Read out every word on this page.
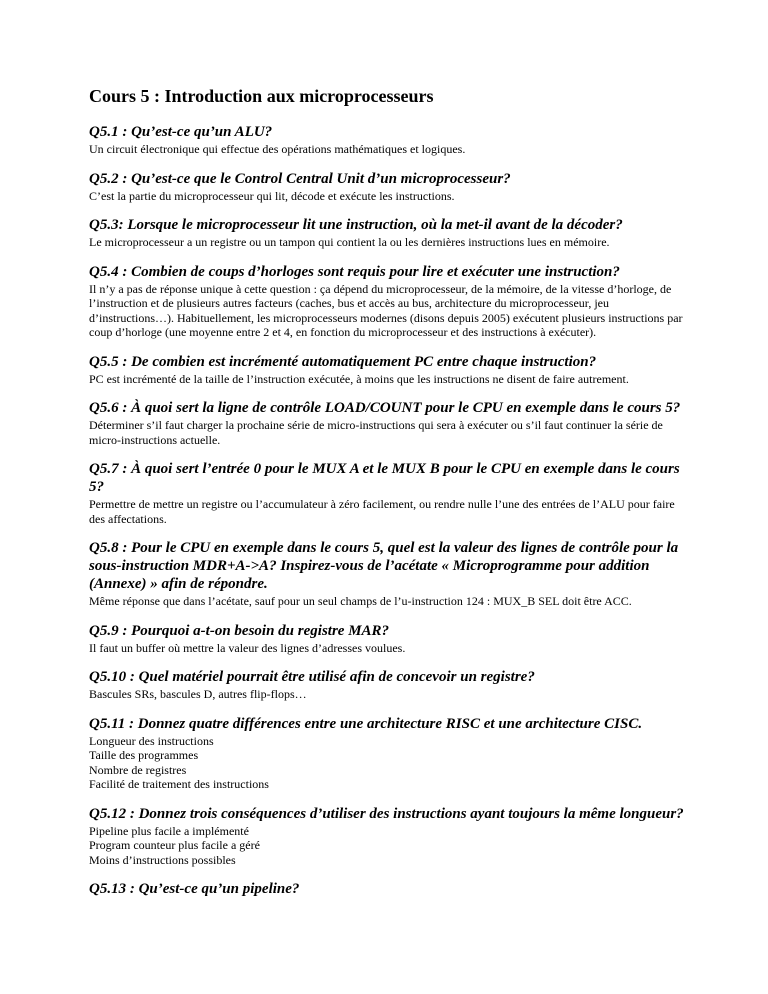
Cours 5 : Introduction aux microprocesseurs
Q5.1 : Qu’est-ce qu’un ALU?
Un circuit électronique qui effectue des opérations mathématiques et logiques.
Q5.2 : Qu’est-ce que le Control Central Unit d’un microprocesseur?
C’est la partie du microprocesseur qui lit, décode et exécute les instructions.
Q5.3: Lorsque le microprocesseur lit une instruction, où la met-il avant de la décoder?
Le microprocesseur a un registre ou un tampon qui contient la ou les dernières instructions lues en mémoire.
Q5.4 : Combien de coups d’horloges sont requis pour lire et exécuter une instruction?
Il n’y a pas de réponse unique à cette question : ça dépend du microprocesseur, de la mémoire, de la vitesse d’horloge, de l’instruction et de plusieurs autres facteurs (caches, bus et accès au bus, architecture du microprocesseur, jeu d’instructions…). Habituellement, les microprocesseurs modernes (disons depuis 2005) exécutent plusieurs instructions par coup d’horloge (une moyenne entre 2 et 4, en fonction du microprocesseur et des instructions à exécuter).
Q5.5 : De combien est incrémenté automatiquement PC entre chaque instruction?
PC est incrémenté de la taille de l’instruction exécutée, à moins que les instructions ne disent de faire autrement.
Q5.6 : À quoi sert la ligne de contrôle LOAD/COUNT pour le CPU en exemple dans le cours 5?
Déterminer s’il faut charger la prochaine série de micro-instructions qui sera à exécuter ou s’il faut continuer la série de micro-instructions actuelle.
Q5.7 : À quoi sert l’entrée 0 pour le MUX A et le MUX B pour le CPU en exemple dans le cours 5?
Permettre de mettre un registre ou l’accumulateur à zéro facilement, ou rendre nulle l’une des entrées de l’ALU pour faire des affectations.
Q5.8 : Pour le CPU en exemple dans le cours 5, quel est la valeur des lignes de contrôle pour la sous-instruction MDR+A->A? Inspirez-vous de l’acétate « Microprogramme pour addition (Annexe) » afin de répondre.
Même réponse que dans l’acétate, sauf pour un seul champs de l’u-instruction 124 : MUX_B SEL doit être ACC.
Q5.9 : Pourquoi a-t-on besoin du registre MAR?
Il faut un buffer où mettre la valeur des lignes d’adresses voulues.
Q5.10 : Quel matériel pourrait être utilisé afin de concevoir un registre?
Bascules SRs, bascules D, autres flip-flops…
Q5.11 : Donnez quatre différences entre une architecture RISC et une architecture CISC.
Longueur des instructions
Taille des programmes
Nombre de registres
Facilité de traitement des instructions
Q5.12 : Donnez trois conséquences d’utiliser des instructions ayant toujours la même longueur?
Pipeline plus facile a implémenté
Program counteur plus facile a géré
Moins d’instructions possibles
Q5.13 : Qu’est-ce qu’un pipeline?
